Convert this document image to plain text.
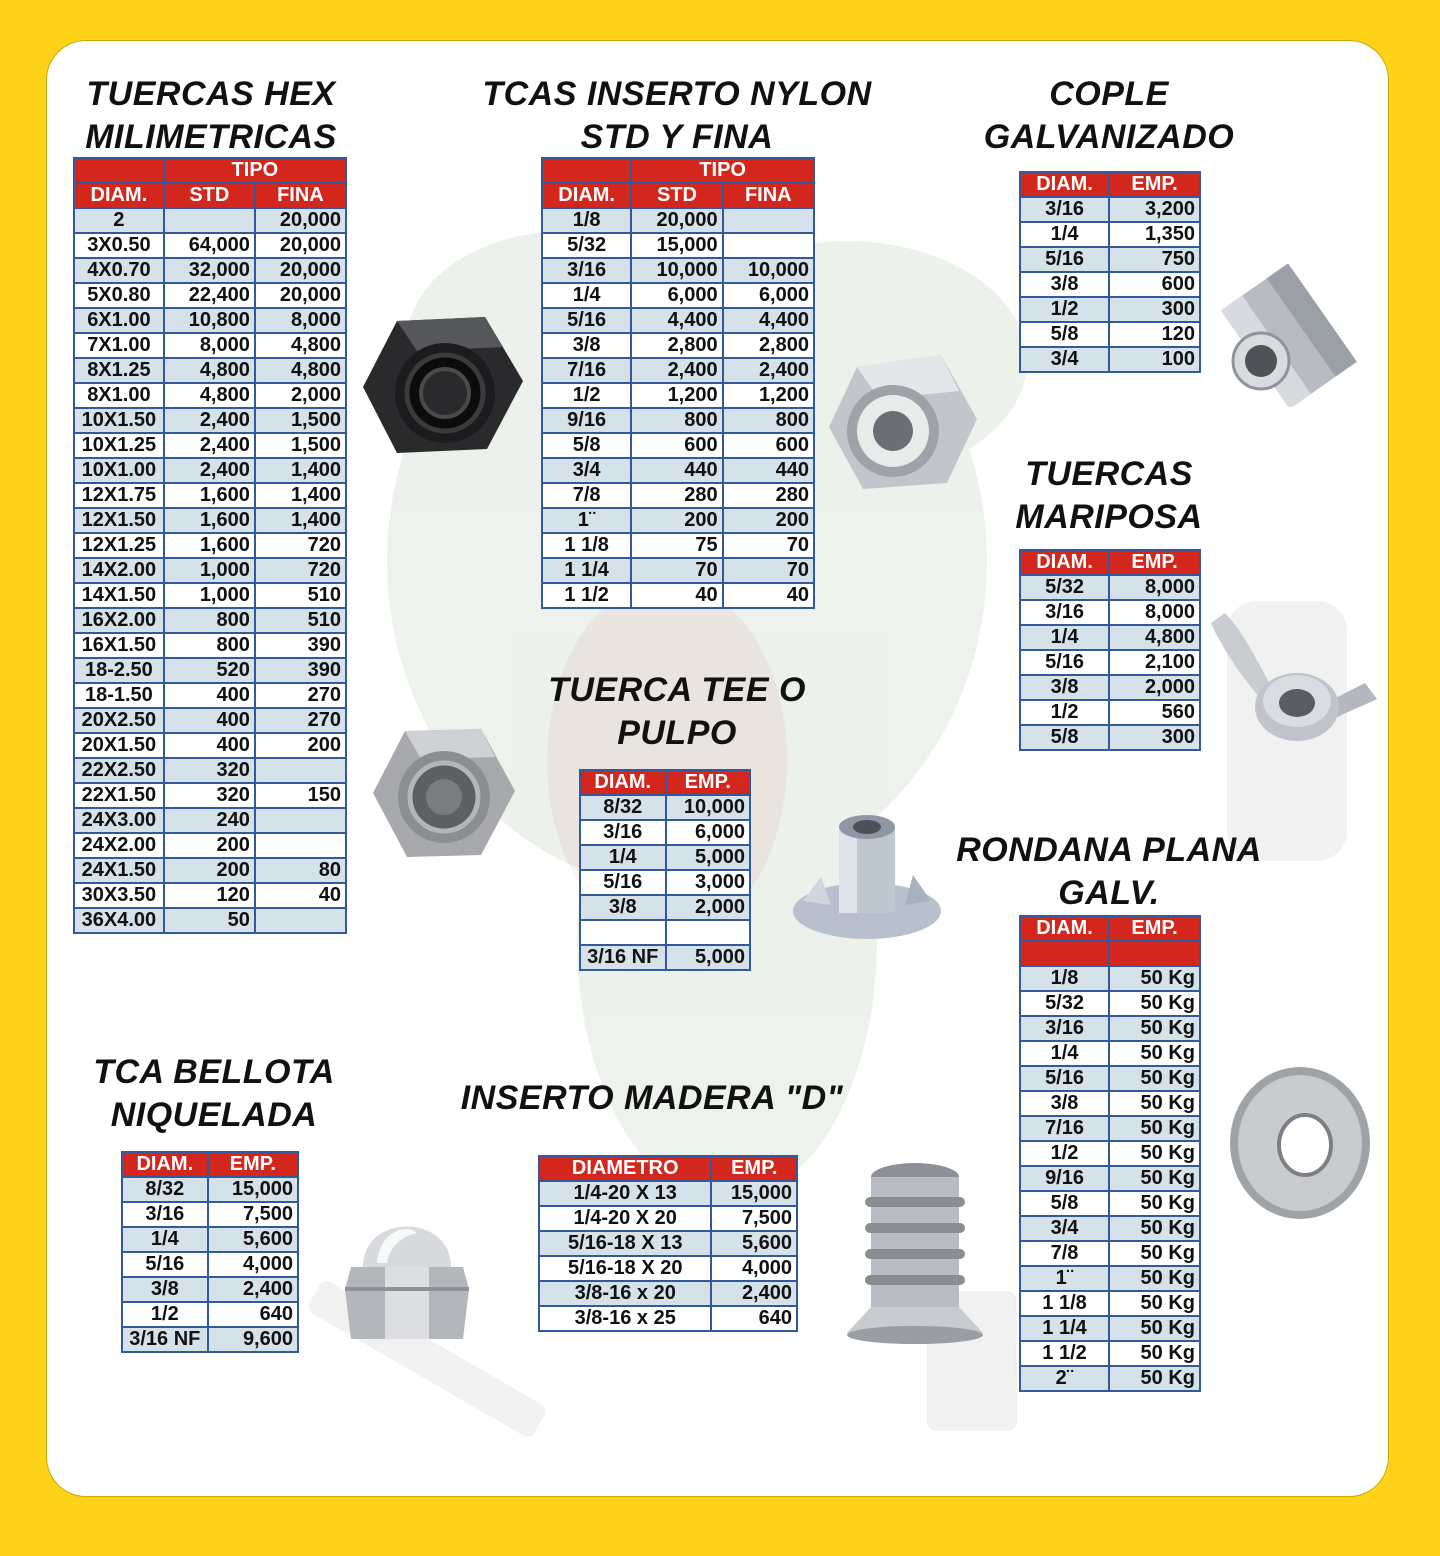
TUERCAS HEX
MILIMETRICAS
	TIPO	
DIAM.	STD	FINA
2		20,000
3X0.50	64,000	20,000
4X0.70	32,000	20,000
5X0.80	22,400	20,000
6X1.00	10,800	8,000
7X1.00	8,000	4,800
8X1.25	4,800	4,800
8X1.00	4,800	2,000
10X1.50	2,400	1,500
10X1.25	2,400	1,500
10X1.00	2,400	1,400
12X1.75	1,600	1,400
12X1.50	1,600	1,400
12X1.25	1,600	720
14X2.00	1,000	720
14X1.50	1,000	510
16X2.00	800	510
16X1.50	800	390
18-2.50	520	390
18-1.50	400	270
20X2.50	400	270
20X1.50	400	200
22X2.50	320	
22X1.50	320	150
24X3.00	240	
24X2.00	200	
24X1.50	200	80
30X3.50	120	40
36X4.00	50	
TCAS INSERTO NYLON
STD Y FINA
	TIPO	
DIAM.	STD	FINA
1/8	20,000	
5/32	15,000	
3/16	10,000	10,000
1/4	6,000	6,000
5/16	4,400	4,400
3/8	2,800	2,800
7/16	2,400	2,400
1/2	1,200	1,200
9/16	800	800
5/8	600	600
3/4	440	440
7/8	280	280
1¨	200	200
1 1/8	75	70
1 1/4	70	70
1 1/2	40	40
COPLE
GALVANIZADO
DIAM.	EMP.
3/16	3,200
1/4	1,350
5/16	750
3/8	600
1/2	300
5/8	120
3/4	100
TUERCAS
MARIPOSA
DIAM.	EMP.
5/32	8,000
3/16	8,000
1/4	4,800
5/16	2,100
3/8	2,000
1/2	560
5/8	300
TUERCA TEE O
PULPO
DIAM.	EMP.
8/32	10,000
3/16	6,000
1/4	5,000
5/16	3,000
3/8	2,000

3/16 NF	5,000
RONDANA PLANA
GALV.
DIAM.	EMP.

1/8	50 Kg
5/32	50 Kg
3/16	50 Kg
1/4	50 Kg
5/16	50 Kg
3/8	50 Kg
7/16	50 Kg
1/2	50 Kg
9/16	50 Kg
5/8	50 Kg
3/4	50 Kg
7/8	50 Kg
1¨	50 Kg
1 1/8	50 Kg
1 1/4	50 Kg
1 1/2	50 Kg
2¨	50 Kg
TCA BELLOTA
NIQUELADA
DIAM.	EMP.
8/32	15,000
3/16	7,500
1/4	5,600
5/16	4,000
3/8	2,400
1/2	640
3/16 NF	9,600
INSERTO MADERA "D"
DIAMETRO	EMP.
1/4-20 X 13	15,000
1/4-20 X 20	7,500
5/16-18 X 13	5,600
5/16-18 X 20	4,000
3/8-16 x 20	2,400
3/8-16 x 25	640
